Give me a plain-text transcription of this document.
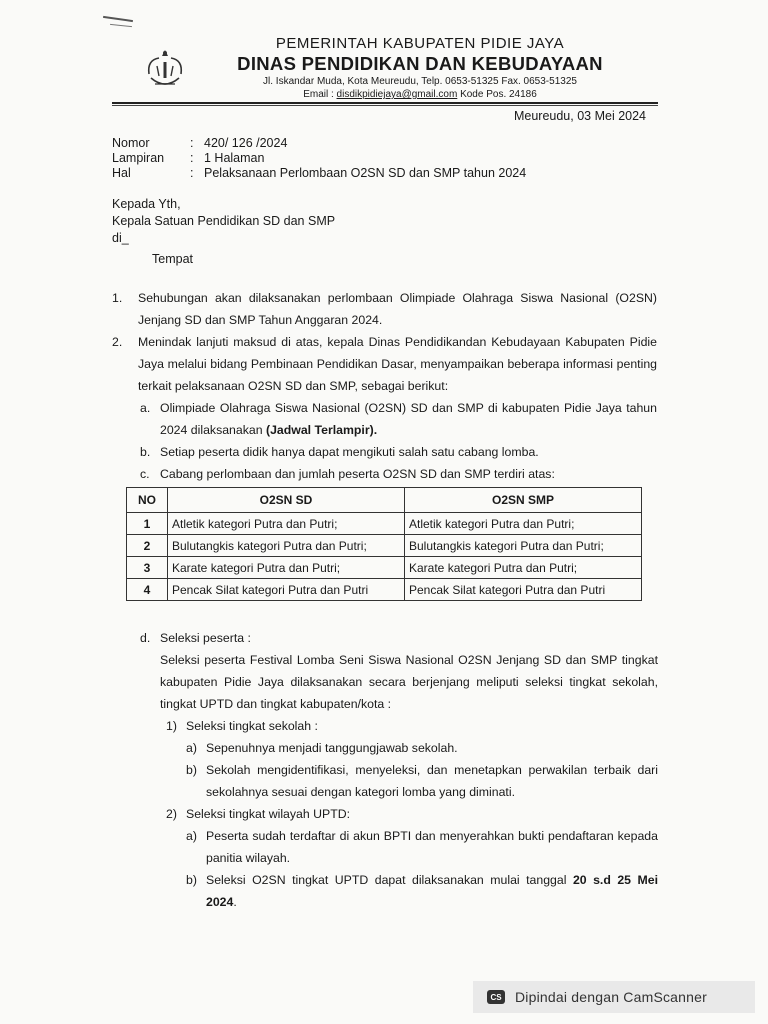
PEMERINTAH KABUPATEN PIDIE JAYA
DINAS PENDIDIKAN DAN KEBUDAYAAN
Jl. Iskandar Muda, Kota Meureudu, Telp. 0653-51325 Fax. 0653-51325
Email : disdikpidiejaya@gmail.com Kode Pos. 24186
Meureudu, 03 Mei 2024
Nomor	: 420/ 126 /2024
Lampiran	: 1 Halaman
Hal	: Pelaksanaan Perlombaan O2SN SD dan SMP tahun 2024
Kepada Yth,
Kepala Satuan Pendidikan SD dan SMP
di_
Tempat
1.	Sehubungan akan dilaksanakan perlombaan Olimpiade Olahraga Siswa Nasional (O2SN) Jenjang SD dan SMP Tahun Anggaran 2024.
2.	Menindak lanjuti maksud di atas, kepala Dinas Pendidikandan Kebudayaan Kabupaten Pidie Jaya melalui bidang Pembinaan Pendidikan Dasar, menyampaikan beberapa informasi penting terkait pelaksanaan O2SN SD dan SMP, sebagai berikut:
a. Olimpiade Olahraga Siswa Nasional (O2SN) SD dan SMP di kabupaten Pidie Jaya tahun 2024 dilaksanakan (Jadwal Terlampir).
b. Setiap peserta didik hanya dapat mengikuti salah satu cabang lomba.
c. Cabang perlombaan dan jumlah peserta O2SN SD dan SMP terdiri atas:
NO	O2SN SD	O2SN SMP
1	Atletik kategori Putra dan Putri;	Atletik kategori Putra dan Putri;
2	Bulutangkis kategori Putra dan Putri;	Bulutangkis kategori Putra dan Putri;
3	Karate kategori Putra dan Putri;	Karate kategori Putra dan Putri;
4	Pencak Silat kategori Putra dan Putri	Pencak Silat kategori Putra dan Putri
d. Seleksi peserta :
Seleksi peserta Festival Lomba Seni Siswa Nasional O2SN Jenjang SD dan SMP tingkat kabupaten Pidie Jaya dilaksanakan secara berjenjang meliputi seleksi tingkat sekolah, tingkat UPTD dan tingkat kabupaten/kota :
1) Seleksi tingkat sekolah :
a) Sepenuhnya menjadi tanggungjawab sekolah.
b) Sekolah mengidentifikasi, menyeleksi, dan menetapkan perwakilan terbaik dari sekolahnya sesuai dengan kategori lomba yang diminati.
2) Seleksi tingkat wilayah UPTD:
a) Peserta sudah terdaftar di akun BPTI dan menyerahkan bukti pendaftaran kepada panitia wilayah.
b) Seleksi O2SN tingkat UPTD dapat dilaksanakan mulai tanggal 20 s.d 25 Mei 2024.
CS Dipindai dengan CamScanner
